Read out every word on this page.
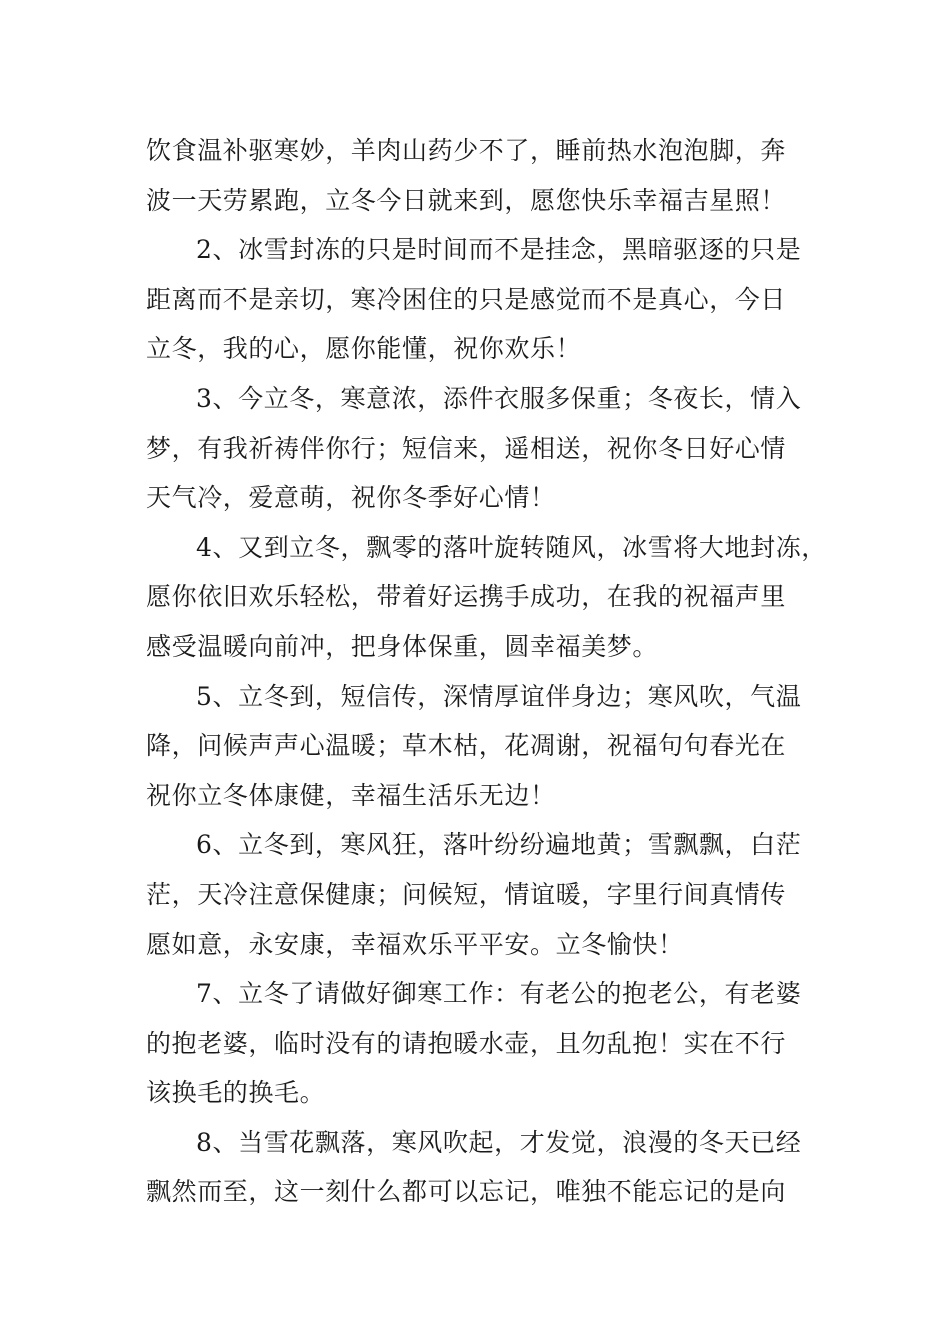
饮食温补驱寒妙，羊肉山药少不了，睡前热水泡泡脚，奔
波一天劳累跑，立冬今日就来到，愿您快乐幸福吉星照！
2、冰雪封冻的只是时间而不是挂念，黑暗驱逐的只是
距离而不是亲切，寒冷困住的只是感觉而不是真心，今日
立冬，我的心，愿你能懂，祝你欢乐！
3、今立冬，寒意浓，添件衣服多保重；冬夜长，情入
梦，有我祈祷伴你行；短信来，遥相送，祝你冬日好心情
天气冷，爱意萌，祝你冬季好心情！
4、又到立冬，飘零的落叶旋转随风，冰雪将大地封冻，
愿你依旧欢乐轻松，带着好运携手成功，在我的祝福声里
感受温暖向前冲，把身体保重，圆幸福美梦。
5、立冬到，短信传，深情厚谊伴身边；寒风吹，气温
降，问候声声心温暖；草木枯，花凋谢，祝福句句春光在
祝你立冬体康健，幸福生活乐无边！
6、立冬到，寒风狂，落叶纷纷遍地黄；雪飘飘，白茫
茫，天冷注意保健康；问候短，情谊暖，字里行间真情传
愿如意，永安康，幸福欢乐平平安。立冬愉快！
7、立冬了请做好御寒工作：有老公的抱老公，有老婆
的抱老婆，临时没有的请抱暖水壶，且勿乱抱！实在不行
该换毛的换毛。
8、当雪花飘落，寒风吹起，才发觉，浪漫的冬天已经
飘然而至，这一刻什么都可以忘记，唯独不能忘记的是向
